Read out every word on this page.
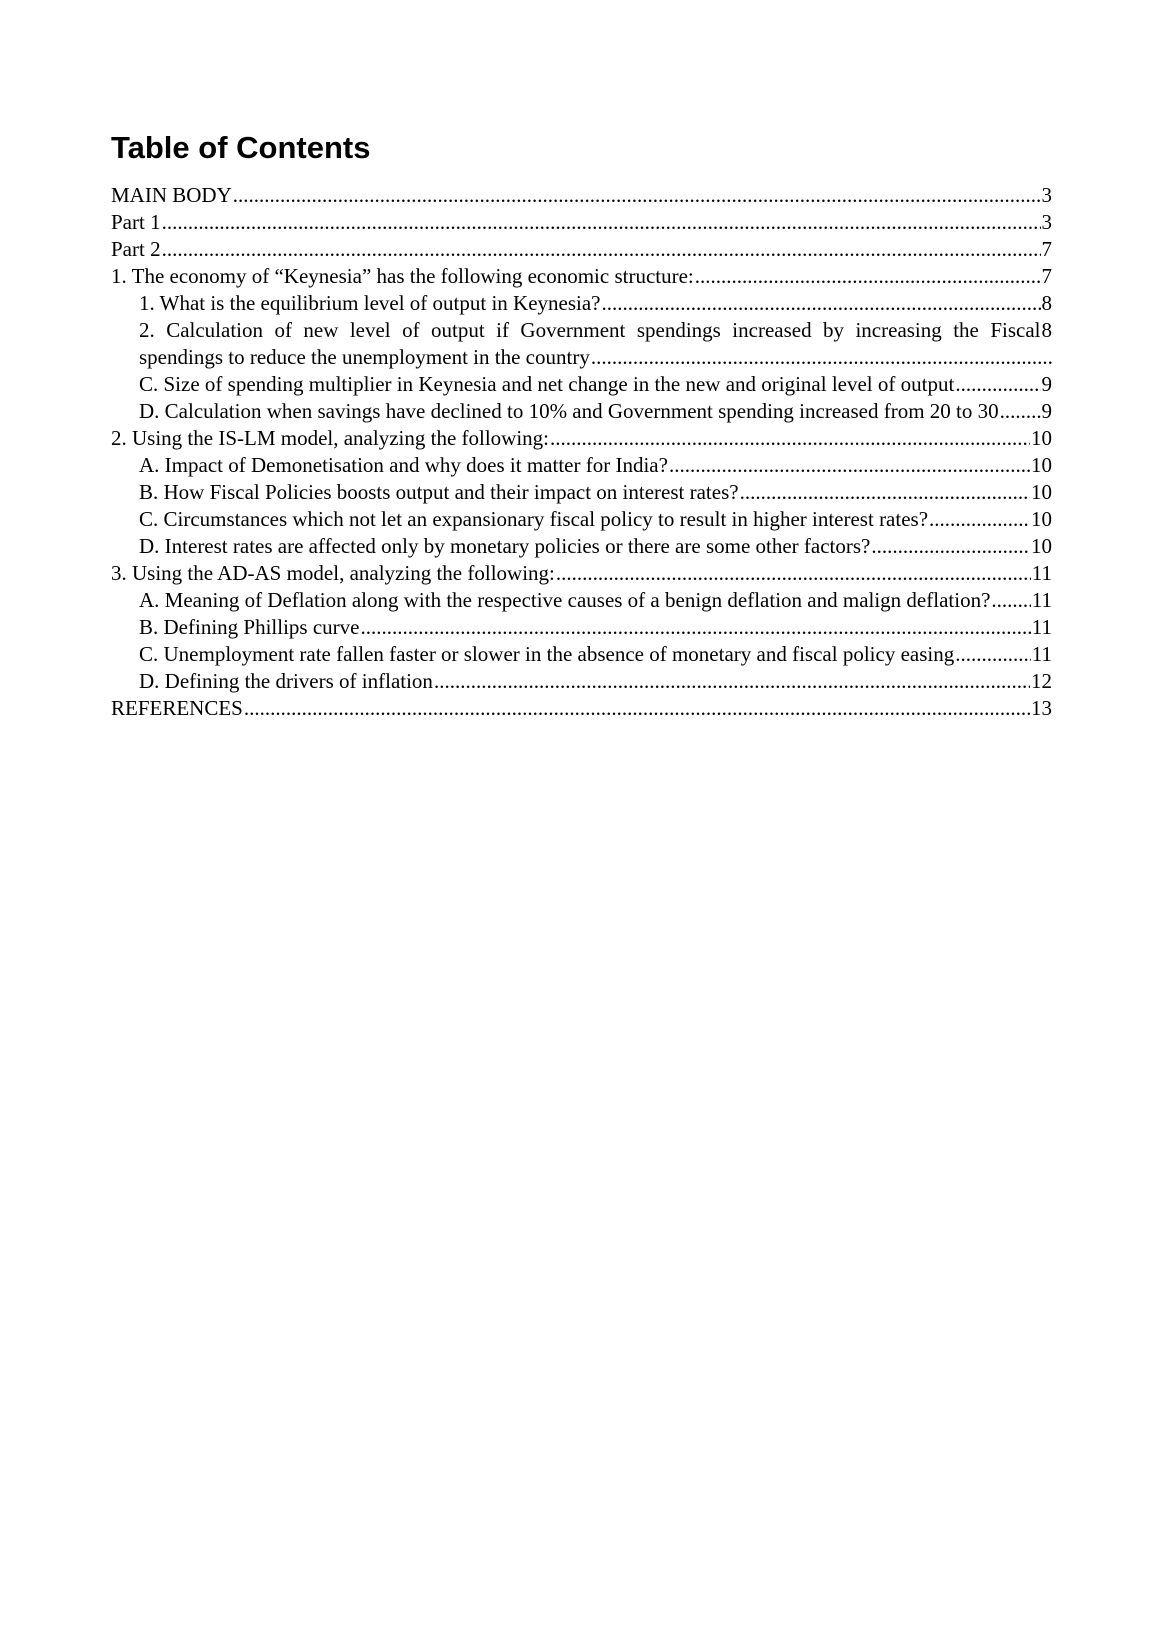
Table of Contents
3
MAIN BODY .....
3
Part 1 .....
7
Part 2 .....
7
1. The economy of “Keynesia” has the following economic structure: .....
8
1. What is the equilibrium level of output in Keynesia? .....
8
2. Calculation of new level of output if Government spendings increased by increasing the Fiscal spendings to reduce the unemployment in the country .....
9
C. Size of spending multiplier in Keynesia and net change in the new and original level of output .....
9
D. Calculation when savings have declined to 10% and Government spending increased from 20 to 30 .....
10
2. Using the IS-LM model, analyzing the following: .....
10
A. Impact of Demonetisation and why does it matter for India? .....
10
B. How Fiscal Policies boosts output and their impact on interest rates? .....
10
C. Circumstances which not let an expansionary fiscal policy to result in higher interest rates? .....
10
D. Interest rates are affected only by monetary policies or there are some other factors? .....
11
3. Using the AD-AS model, analyzing the following: .....
11
A. Meaning of Deflation along with the respective causes of a benign deflation and malign deflation? .....
11
B. Defining Phillips curve .....
11
C. Unemployment rate fallen faster or slower in the absence of monetary and fiscal policy easing .....
12
D. Defining the drivers of inflation .....
13
REFERENCES .....
